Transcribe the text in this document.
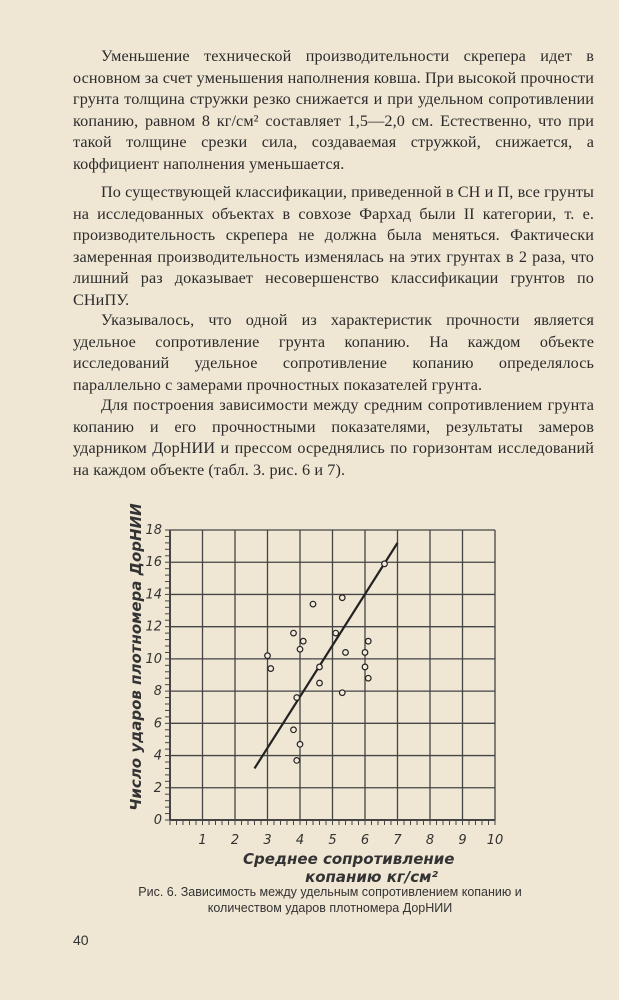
Уменьшение технической производительности скрепера идет в основном за счет уменьшения наполнения ковша. При высокой прочности грунта толщина стружки резко снижается и при удельном сопротивлении копанию, равном 8 кг/см² составляет 1,5—2,0 см. Естественно, что при такой толщине срезки сила, создаваемая стружкой, снижается, а коффициент наполнения уменьшается.

По существующей классификации, приведенной в СН и П, все грунты на исследованных объектах в совхозе Фархад были II категории, т. е. производительность скрепера не должна была меняться. Фактически замеренная производительность изменялась на этих грунтах в 2 раза, что лишний раз доказывает несовершенство классификации грунтов по СНиПУ.

Указывалось, что одной из характеристик прочности является удельное сопротивление грунта копанию. На каждом объекте исследований удельное сопротивление копанию определялось параллельно с замерами прочностных показателей грунта.

Для построения зависимости между средним сопротивлением грунта копанию и его прочностными показателями, результаты замеров ударником ДорНИИ и прессом осреднялись по горизонтам исследований на каждом объекте (табл. 3. рис. 6 и 7).

1 2 3 4 5 6 7 8 9 10
0
2
4
6
8
10
12
14
16
18
Число ударов плотномера ДорНИИ
Среднее сопротивление копанию кг/см²
Рис. 6. Зависимость между удельным сопротивлением копанию и количеством ударов плотномера ДорНИИ
40
